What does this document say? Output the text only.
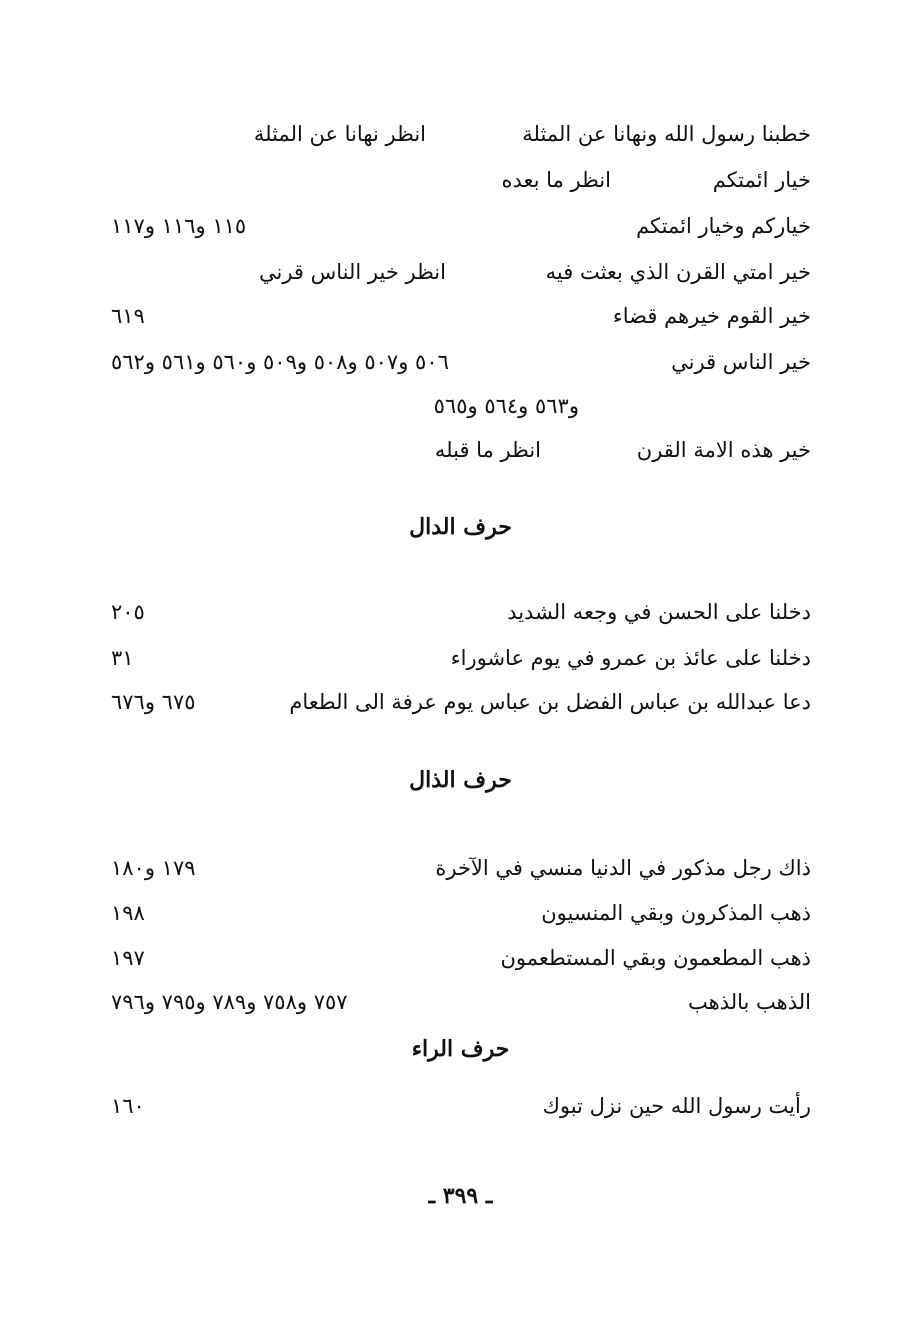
خطبنا رسول الله ونهانا عن المثلة
انظر نهانا عن المثلة
خيار ائمتكم
انظر ما بعده
خياركم وخيار ائمتكم
١١٥ و١١٦ و١١٧
خير امتي القرن الذي بعثت فيه
انظر خير الناس قرني
خير القوم خيرهم قضاء
٦١٩
خير الناس قرني
٥٠٦ و٥٠٧ و٥٠٨ و٥٠٩ و٥٦٠ و٥٦١ و٥٦٢
و٥٦٣ و٥٦٤ و٥٦٥
خير هذه الامة القرن
انظر ما قبله
حرف الدال
دخلنا على الحسن في وجعه الشديد
٢٠٥
دخلنا على عائذ بن عمرو في يوم عاشوراء
٣١
دعا عبدالله بن عباس الفضل بن عباس يوم عرفة الى الطعام
٦٧٥ و٦٧٦
حرف الذال
ذاك رجل مذكور في الدنيا منسي في الآخرة
١٧٩ و١٨٠
ذهب المذكرون وبقي المنسيون
١٩٨
ذهب المطعمون وبقي المستطعمون
١٩٧
الذهب بالذهب
٧٥٧ و٧٥٨ و٧٨٩ و٧٩٥ و٧٩٦
حرف الراء
رأيت رسول الله حين نزل تبوك
١٦٠
ـ ٣٩٩ ـ
